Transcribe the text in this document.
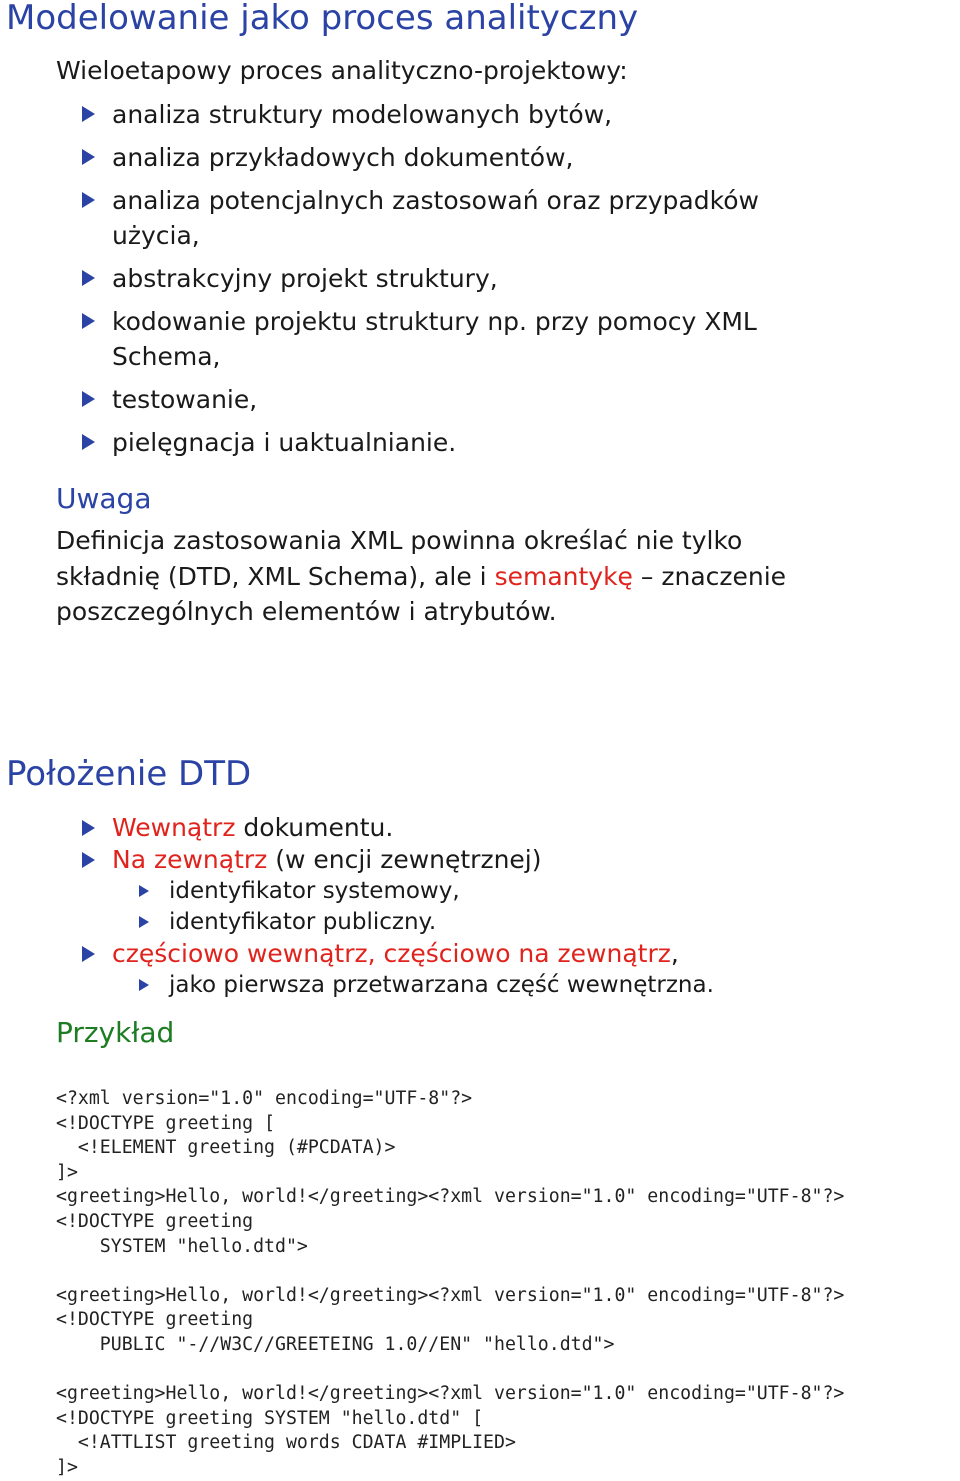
Modelowanie jako proces analityczny

Wieloetapowy proces analityczno-projektowy:

analiza struktury modelowanych bytów,
analiza przykładowych dokumentów,
analiza potencjalnych zastosowań oraz przypadków
użycia,
abstrakcyjny projekt struktury,
kodowanie projektu struktury np. przy pomocy XML
Schema,
testowanie,
pielęgnacja i uaktualnianie.
Uwaga

Definicja zastosowania XML powinna określać nie tylko
składnię (DTD, XML Schema), ale i semantykę – znaczenie
poszczególnych elementów i atrybutów.

Położenie DTD
Wewnątrz dokumentu.
Na zewnątrz (w encji zewnętrznej)
identyfikator systemowy,
identyfikator publiczny.
częściowo wewnątrz, częściowo na zewnątrz,
jako pierwsza przetwarzana część wewnętrzna.
Przykład
<?xml version="1.0" encoding="UTF-8"?>
<!DOCTYPE greeting [
<!ELEMENT greeting (#PCDATA)>
]>
<greeting>Hello, world!</greeting><?xml version="1.0" encoding="UTF-8"?>
<!DOCTYPE greeting
SYSTEM "hello.dtd">

<greeting>Hello, world!</greeting><?xml version="1.0" encoding="UTF-8"?>
<!DOCTYPE greeting
PUBLIC "-//W3C//GREETEING 1.0//EN" "hello.dtd">

<greeting>Hello, world!</greeting><?xml version="1.0" encoding="UTF-8"?>
<!DOCTYPE greeting SYSTEM "hello.dtd" [
<!ATTLIST greeting words CDATA #IMPLIED>
]>
